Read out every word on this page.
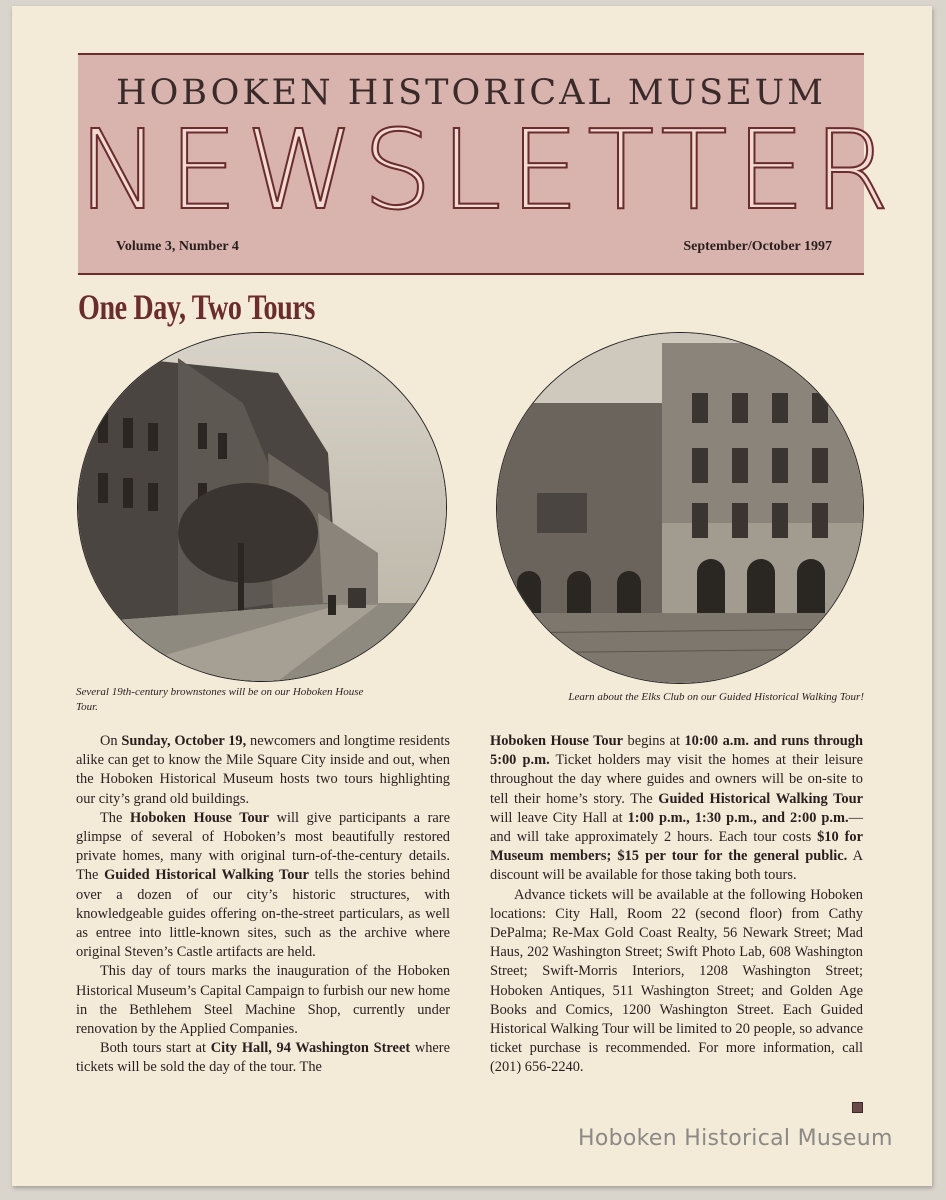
HOBOKEN HISTORICAL MUSEUM
NEWSLETTER
Volume 3, Number 4	September/October 1997
One Day, Two Tours
Several 19th-century brownstones will be on our Hoboken House Tour.
Learn about the Elks Club on our Guided Historical Walking Tour!

On Sunday, October 19, newcomers and longtime residents alike can get to know the Mile Square City inside and out, when the Hoboken Historical Museum hosts two tours highlighting our city’s grand old buildings.

The Hoboken House Tour will give participants a rare glimpse of several of Hoboken’s most beautifully restored private homes, many with original turn-of-the-century details. The Guided Historical Walking Tour tells the stories behind over a dozen of our city’s historic structures, with knowledgeable guides offering on-the-street particulars, as well as entree into little-known sites, such as the archive where original Steven’s Castle artifacts are held.

This day of tours marks the inauguration of the Hoboken Historical Museum’s Capital Campaign to furbish our new home in the Bethlehem Steel Machine Shop, currently under renovation by the Applied Companies.

Both tours start at City Hall, 94 Washington Street where tickets will be sold the day of the tour. The

Hoboken House Tour begins at 10:00 a.m. and runs through 5:00 p.m. Ticket holders may visit the homes at their leisure throughout the day where guides and owners will be on-site to tell their home’s story. The Guided Historical Walking Tour will leave City Hall at 1:00 p.m., 1:30 p.m., and 2:00 p.m.—and will take approximately 2 hours. Each tour costs $10 for Museum members; $15 per tour for the general public. A discount will be available for those taking both tours.

Advance tickets will be available at the following Hoboken locations: City Hall, Room 22 (second floor) from Cathy DePalma; Re-Max Gold Coast Realty, 56 Newark Street; Mad Haus, 202 Washington Street; Swift Photo Lab, 608 Washington Street; Swift-Morris Interiors, 1208 Washington Street; Hoboken Antiques, 511 Washington Street; and Golden Age Books and Comics, 1200 Washington Street. Each Guided Historical Walking Tour will be limited to 20 people, so advance ticket purchase is recommended. For more information, call (201) 656-2240.

Hoboken Historical Museum
